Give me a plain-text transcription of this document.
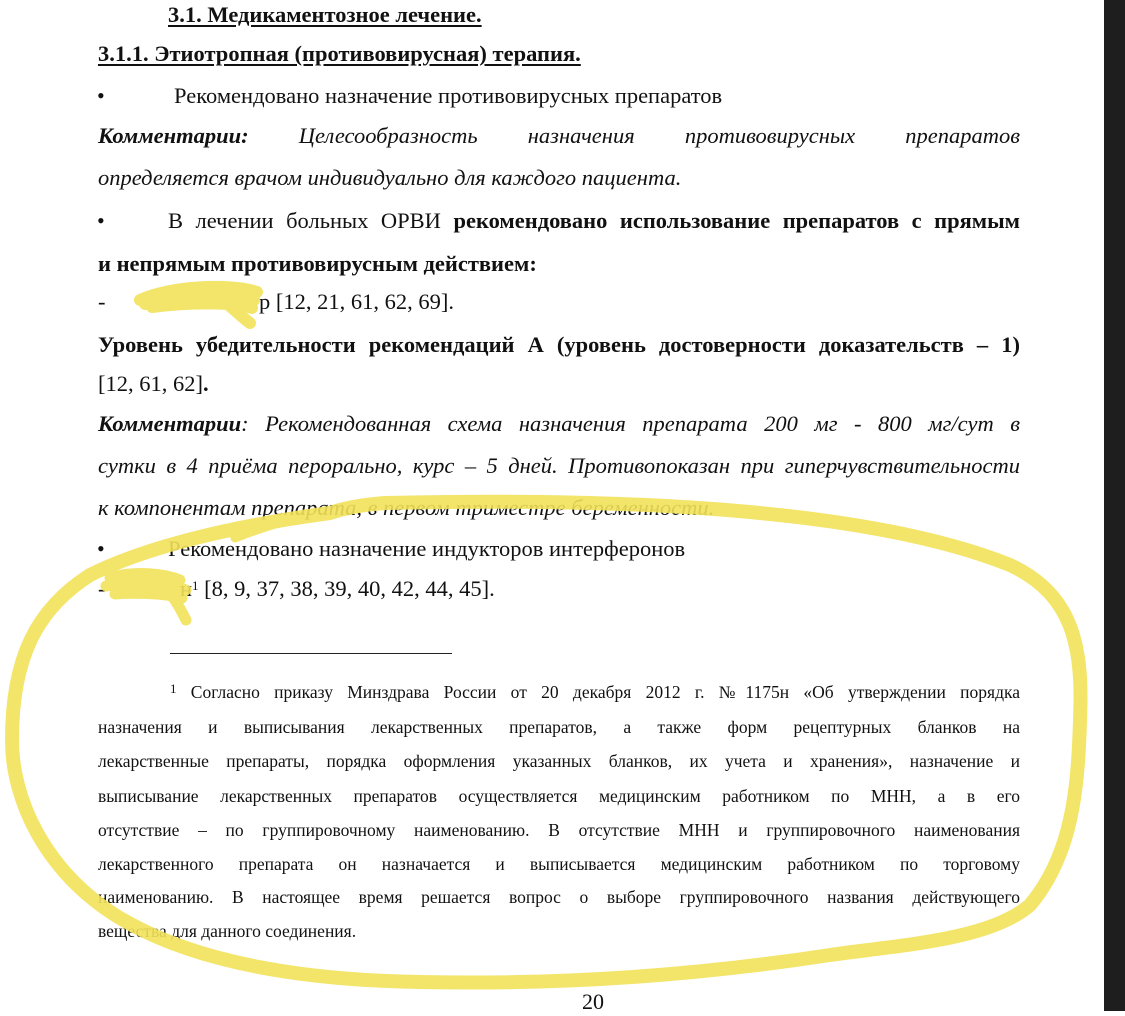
3.1. Медикаментозное лечение.
3.1.1. Этиотропная (противовирусная) терапия.
•	Рекомендовано назначение противовирусных препаратов
Комментарии: Целесообразность назначения противовирусных препаратов
определяется врачом индивидуально для каждого пациента.
•	В лечении больных ОРВИ рекомендовано использование препаратов с прямым
и непрямым противовирусным действием:
-	р [12, 21, 61, 62, 69].
Уровень убедительности рекомендаций А (уровень достоверности доказательств – 1)
[12, 61, 62].
Комментарии: Рекомендованная схема назначения препарата 200 мг - 800 мг/сут в
сутки в 4 приёма перорально, курс – 5 дней. Противопоказан при гиперчувствительности
к компонентам препарата, в первом триместре беременности.
•	Рекомендовано назначение индукторов интерферонов
-	$н^1$ [8, 9, 37, 38, 39, 40, 42, 44, 45].
$^1$ Согласно приказу Минздрава России от 20 декабря 2012 г. №1175н «Об утверждении порядка
назначения и выписывания лекарственных препаратов, а также форм рецептурных бланков на
лекарственные препараты, порядка оформления указанных бланков, их учета и хранения», назначение и
выписывание лекарственных препаратов осуществляется медицинским работником по МНН, а в его
отсутствие – по группировочному наименованию. В отсутствие МНН и группировочного наименования
лекарственного препарата он назначается и выписывается медицинским работником по торговому
наименованию. В настоящее время решается вопрос о выборе группировочного названия действующего
вещества для данного соединения.
20
